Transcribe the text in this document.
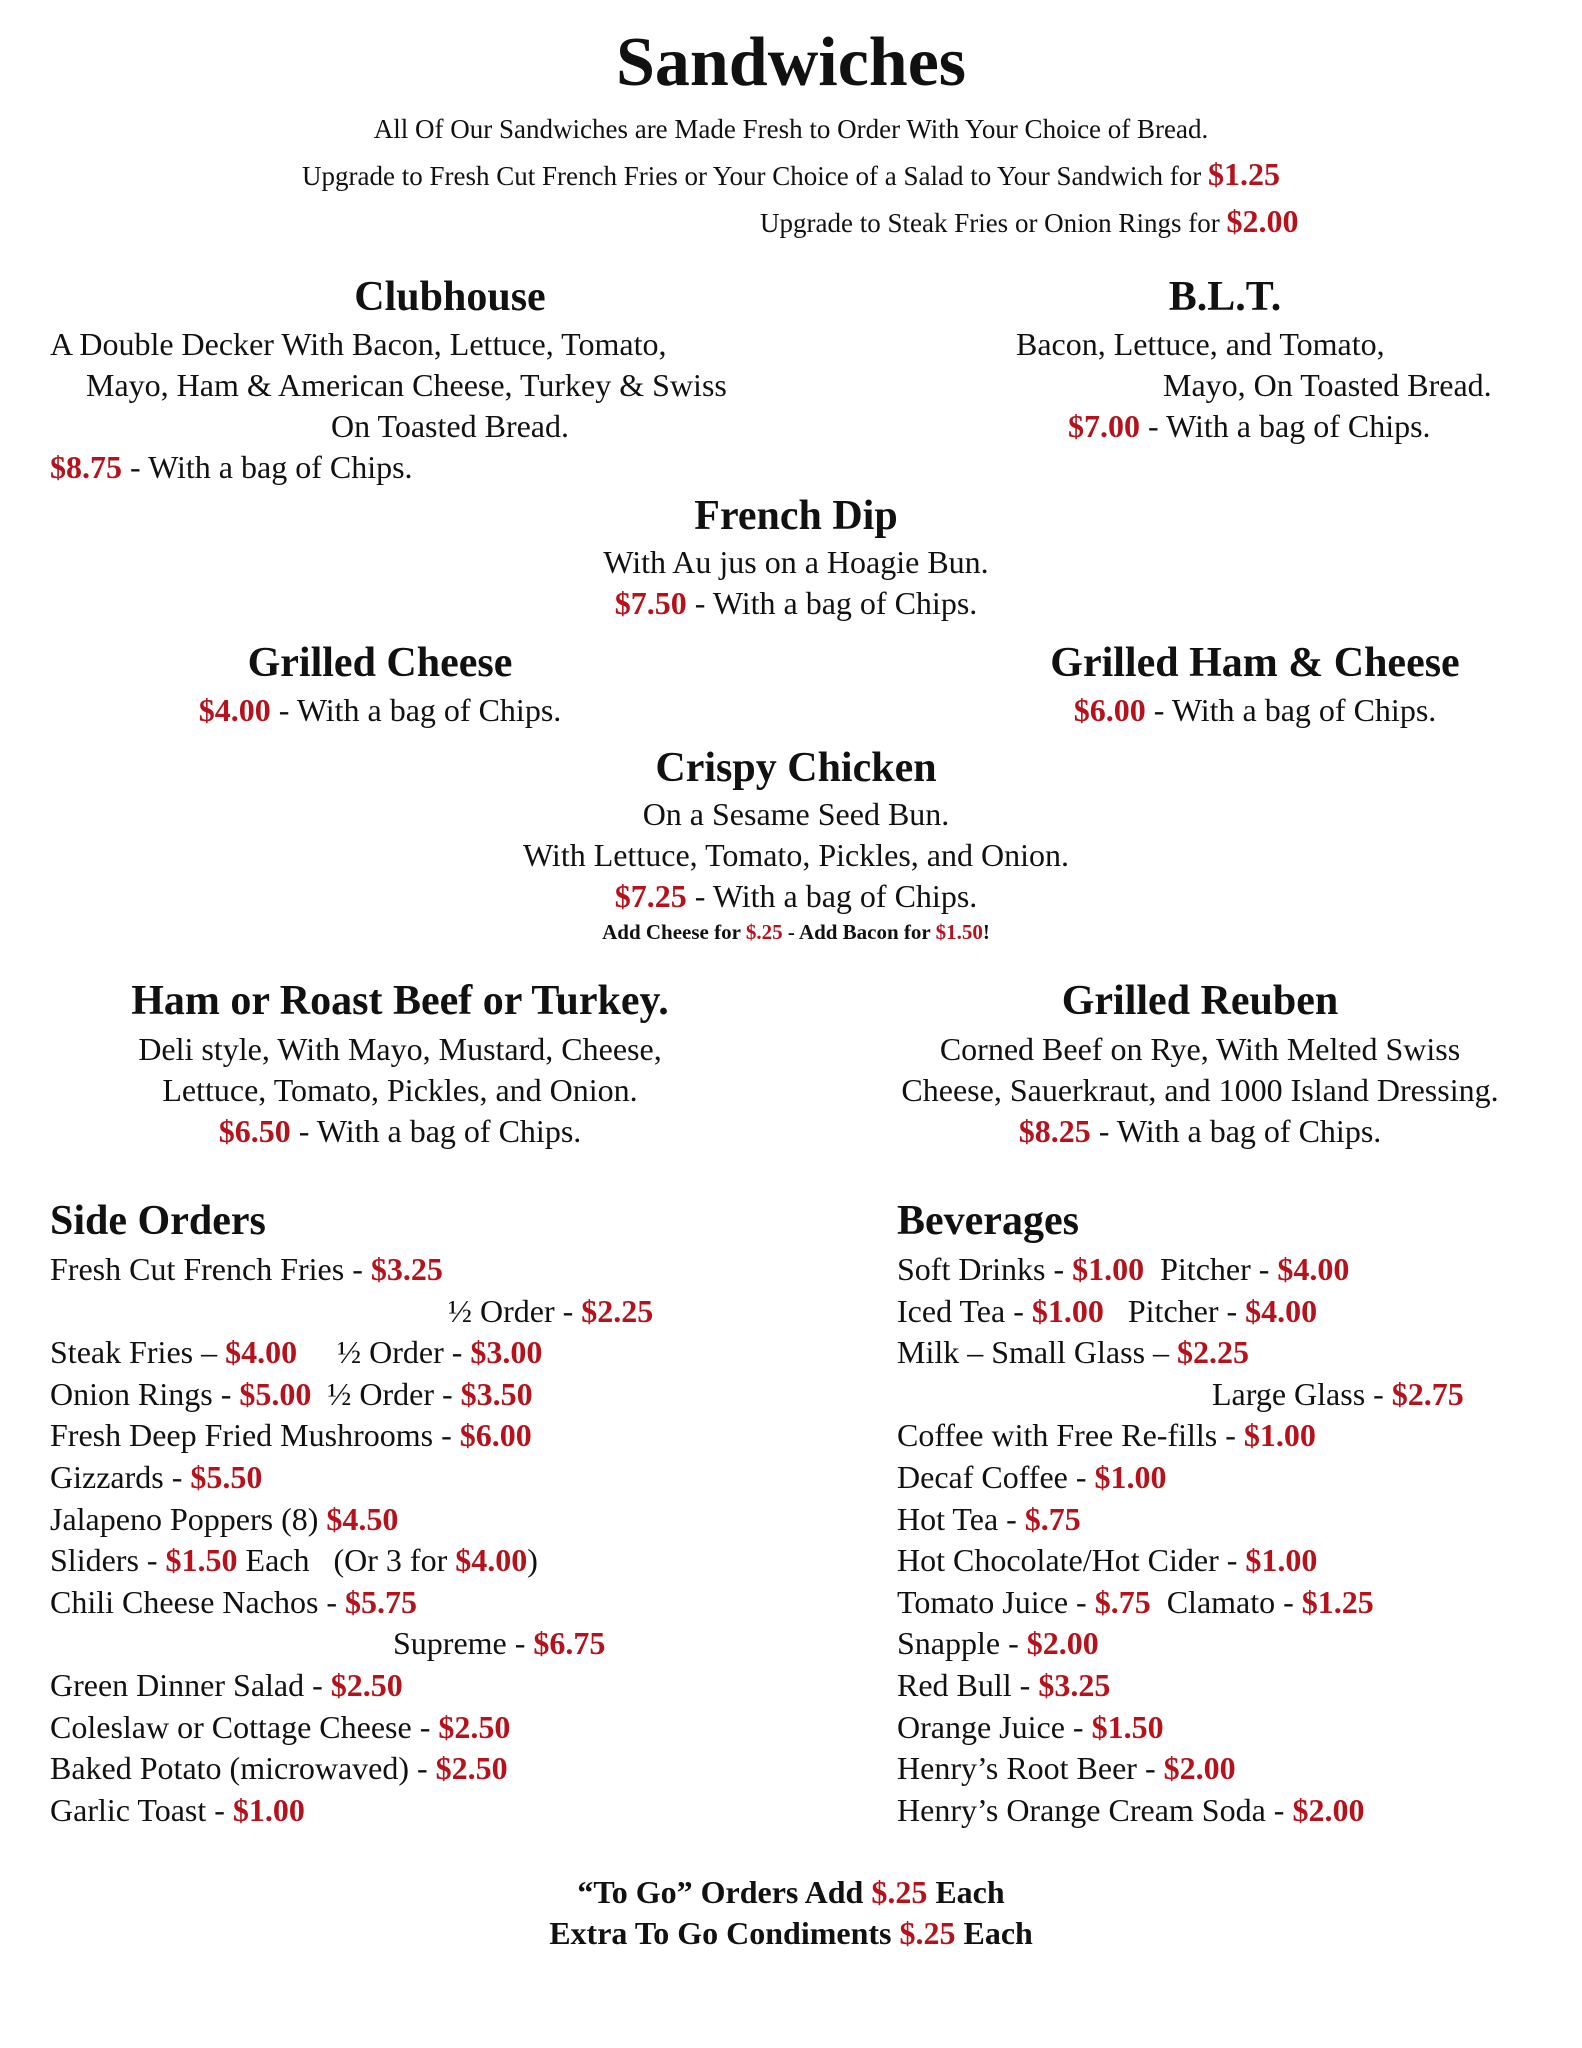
Sandwiches
All Of Our Sandwiches are Made Fresh to Order With Your Choice of Bread.
Upgrade to Fresh Cut French Fries or Your Choice of a Salad to Your Sandwich for $1.25
Upgrade to Steak Fries or Onion Rings for $2.00
Clubhouse
A Double Decker With Bacon, Lettuce, Tomato,
Mayo, Ham & American Cheese, Turkey & Swiss
On Toasted Bread.
$8.75 - With a bag of Chips.
B.L.T.
Bacon, Lettuce, and Tomato,
Mayo, On Toasted Bread.
$7.00 - With a bag of Chips.
French Dip
With Au jus on a Hoagie Bun.
$7.50 - With a bag of Chips.
Grilled Cheese
$4.00 - With a bag of Chips.
Grilled Ham & Cheese
$6.00 - With a bag of Chips.
Crispy Chicken
On a Sesame Seed Bun.
With Lettuce, Tomato, Pickles, and Onion.
$7.25 - With a bag of Chips.
Add Cheese for $.25 - Add Bacon for $1.50!
Ham or Roast Beef or Turkey.
Deli style, With Mayo, Mustard, Cheese,
Lettuce, Tomato, Pickles, and Onion.
$6.50 - With a bag of Chips.
Grilled Reuben
Corned Beef on Rye, With Melted Swiss
Cheese, Sauerkraut, and 1000 Island Dressing.
$8.25 - With a bag of Chips.
Side Orders	Beverages
Fresh Cut French Fries - $3.25
½ Order - $2.25
Steak Fries – $4.00     ½ Order - $3.00
Onion Rings - $5.00  ½ Order - $3.50
Fresh Deep Fried Mushrooms - $6.00
Gizzards - $5.50
Jalapeno Poppers (8) $4.50
Sliders - $1.50 Each   (Or 3 for $4.00)
Chili Cheese Nachos - $5.75
Supreme - $6.75
Green Dinner Salad - $2.50
Coleslaw or Cottage Cheese - $2.50
Baked Potato (microwaved) - $2.50
Garlic Toast - $1.00
Soft Drinks - $1.00  Pitcher - $4.00
Iced Tea - $1.00   Pitcher - $4.00
Milk – Small Glass – $2.25
Large Glass - $2.75
Coffee with Free Re-fills - $1.00
Decaf Coffee - $1.00
Hot Tea - $.75
Hot Chocolate/Hot Cider - $1.00
Tomato Juice - $.75  Clamato - $1.25
Snapple - $2.00
Red Bull - $3.25
Orange Juice - $1.50
Henry’s Root Beer - $2.00
Henry’s Orange Cream Soda - $2.00
“To Go” Orders Add $.25 Each
Extra To Go Condiments $.25 Each
